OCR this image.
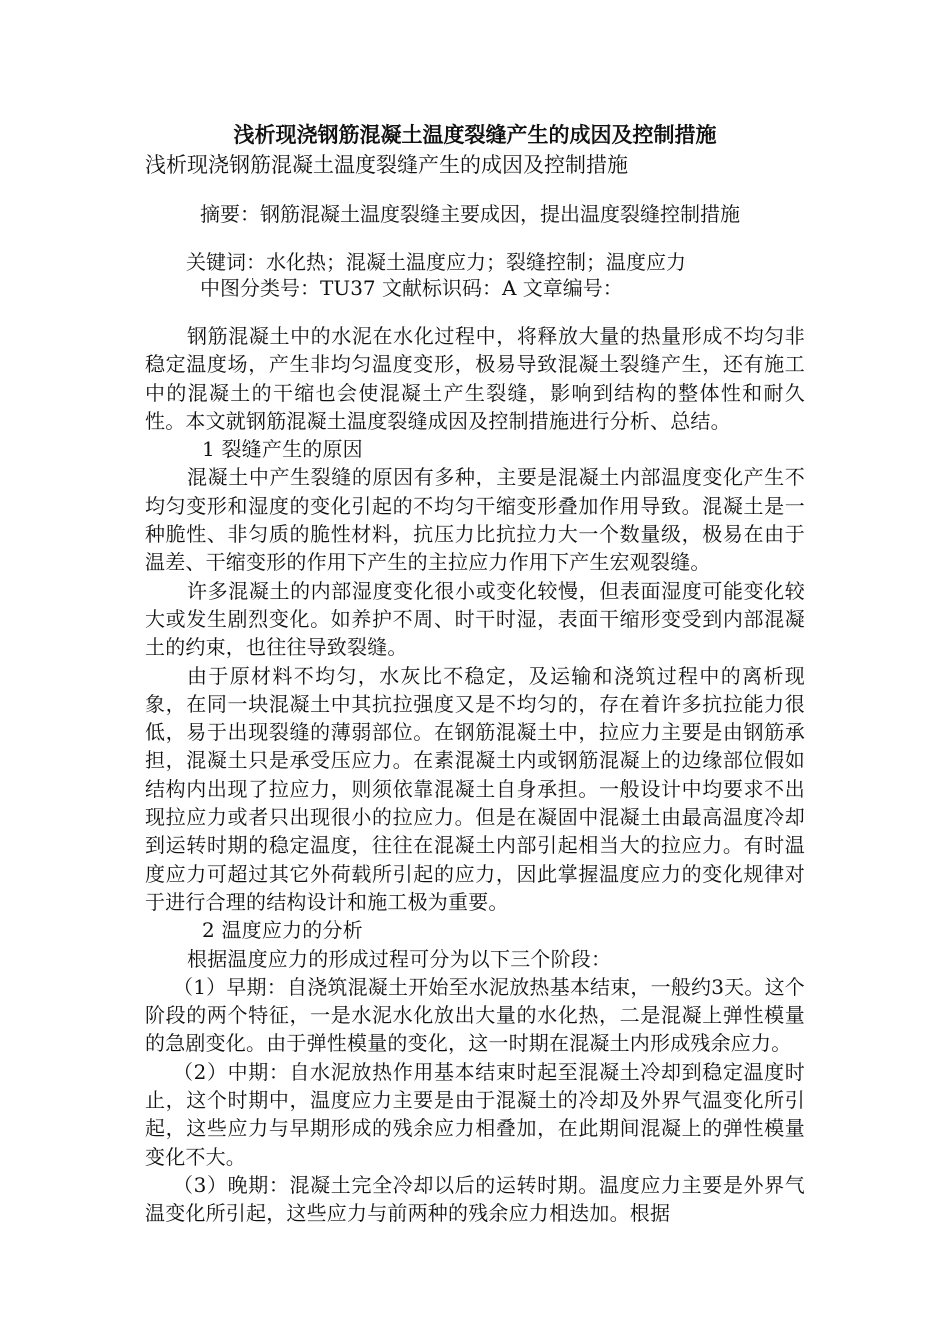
浅析现浇钢筋混凝土温度裂缝产生的成因及控制措施
浅析现浇钢筋混凝土温度裂缝产生的成因及控制措施
摘要：钢筋混凝土温度裂缝主要成因，提出温度裂缝控制措施
关键词：水化热；混凝土温度应力；裂缝控制；温度应力
中图分类号：TU37 文献标识码：A 文章编号：

钢筋混凝土中的水泥在水化过程中，将释放大量的热量形成不均匀非稳定温度场，产生非均匀温度变形，极易导致混凝土裂缝产生，还有施工中的混凝土的干缩也会使混凝土产生裂缝，影响到结构的整体性和耐久性。本文就钢筋混凝土温度裂缝成因及控制措施进行分析、总结。

1 裂缝产生的原因

混凝土中产生裂缝的原因有多种，主要是混凝土内部温度变化产生不均匀变形和湿度的变化引起的不均匀干缩变形叠加作用导致。混凝土是一种脆性、非匀质的脆性材料，抗压力比抗拉力大一个数量级，极易在由于温差、干缩变形的作用下产生的主拉应力作用下产生宏观裂缝。

许多混凝土的内部湿度变化很小或变化较慢，但表面湿度可能变化较大或发生剧烈变化。如养护不周、时干时湿，表面干缩形变受到内部混凝土的约束，也往往导致裂缝。

由于原材料不均匀，水灰比不稳定，及运输和浇筑过程中的离析现象，在同一块混凝土中其抗拉强度又是不均匀的，存在着许多抗拉能力很低，易于出现裂缝的薄弱部位。在钢筋混凝土中，拉应力主要是由钢筋承担，混凝土只是承受压应力。在素混凝土内或钢筋混凝上的边缘部位假如结构内出现了拉应力，则须依靠混凝土自身承担。一般设计中均要求不出现拉应力或者只出现很小的拉应力。但是在凝固中混凝土由最高温度冷却到运转时期的稳定温度，往往在混凝土内部引起相当大的拉应力。有时温度应力可超过其它外荷载所引起的应力，因此掌握温度应力的变化规律对于进行合理的结构设计和施工极为重要。

2 温度应力的分析

根据温度应力的形成过程可分为以下三个阶段：

（1）早期：自浇筑混凝土开始至水泥放热基本结束，一般约3天。这个阶段的两个特征，一是水泥水化放出大量的水化热，二是混凝上弹性模量的急剧变化。由于弹性模量的变化，这一时期在混凝土内形成残余应力。

（2）中期：自水泥放热作用基本结束时起至混凝土冷却到稳定温度时止，这个时期中，温度应力主要是由于混凝土的冷却及外界气温变化所引起，这些应力与早期形成的残余应力相叠加，在此期间混凝上的弹性模量变化不大。

（3）晚期：混凝土完全冷却以后的运转时期。温度应力主要是外界气温变化所引起，这些应力与前两种的残余应力相迭加。根据
